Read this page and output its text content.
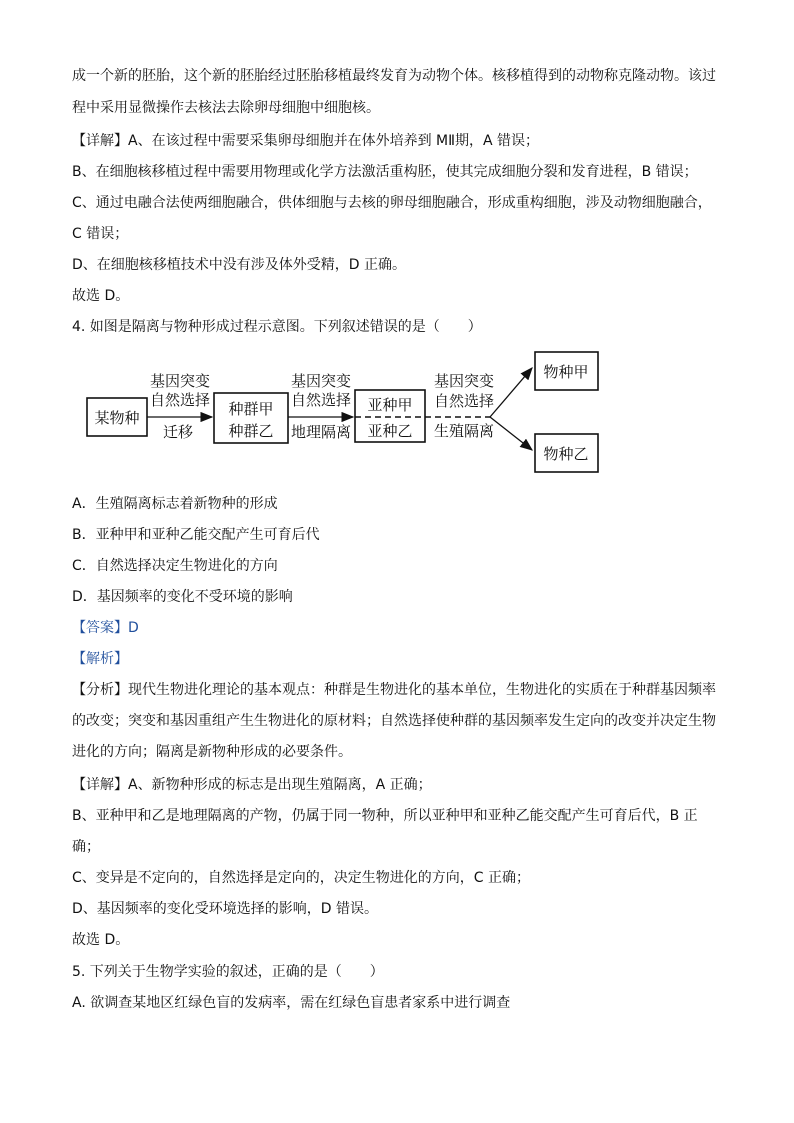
成一个新的胚胎，这个新的胚胎经过胚胎移植最终发育为动物个体。核移植得到的动物称克隆动物。该过
程中采用显微操作去核法去除卵母细胞中细胞核。
【详解】A、在该过程中需要采集卵母细胞并在体外培养到 MⅡ期，A 错误；
B、在细胞核移植过程中需要用物理或化学方法激活重构胚，使其完成细胞分裂和发育进程，B 错误；
C、通过电融合法使两细胞融合，供体细胞与去核的卵母细胞融合，形成重构细胞，涉及动物细胞融合，
C 错误；
D、在细胞核移植技术中没有涉及体外受精，D 正确。
故选 D。
4. 如图是隔离与物种形成过程示意图。下列叙述错误的是（　　）
某物种
基因突变
自然选择
迁移
种群甲
种群乙
基因突变
自然选择
地理隔离
亚种甲
亚种乙
基因突变
自然选择
生殖隔离
物种甲
物种乙
A．生殖隔离标志着新物种的形成
B．亚种甲和亚种乙能交配产生可育后代
C．自然选择决定生物进化的方向
D．基因频率的变化不受环境的影响
【答案】D
【解析】
【分析】现代生物进化理论的基本观点：种群是生物进化的基本单位，生物进化的实质在于种群基因频率
的改变；突变和基因重组产生生物进化的原材料；自然选择使种群的基因频率发生定向的改变并决定生物
进化的方向；隔离是新物种形成的必要条件。
【详解】A、新物种形成的标志是出现生殖隔离，A 正确；
B、亚种甲和乙是地理隔离的产物，仍属于同一物种，所以亚种甲和亚种乙能交配产生可育后代，B 正
确；
C、变异是不定向的，自然选择是定向的，决定生物进化的方向，C 正确；
D、基因频率的变化受环境选择的影响，D 错误。
故选 D。
5. 下列关于生物学实验的叙述，正确的是（　　）
A. 欲调查某地区红绿色盲的发病率，需在红绿色盲患者家系中进行调查
